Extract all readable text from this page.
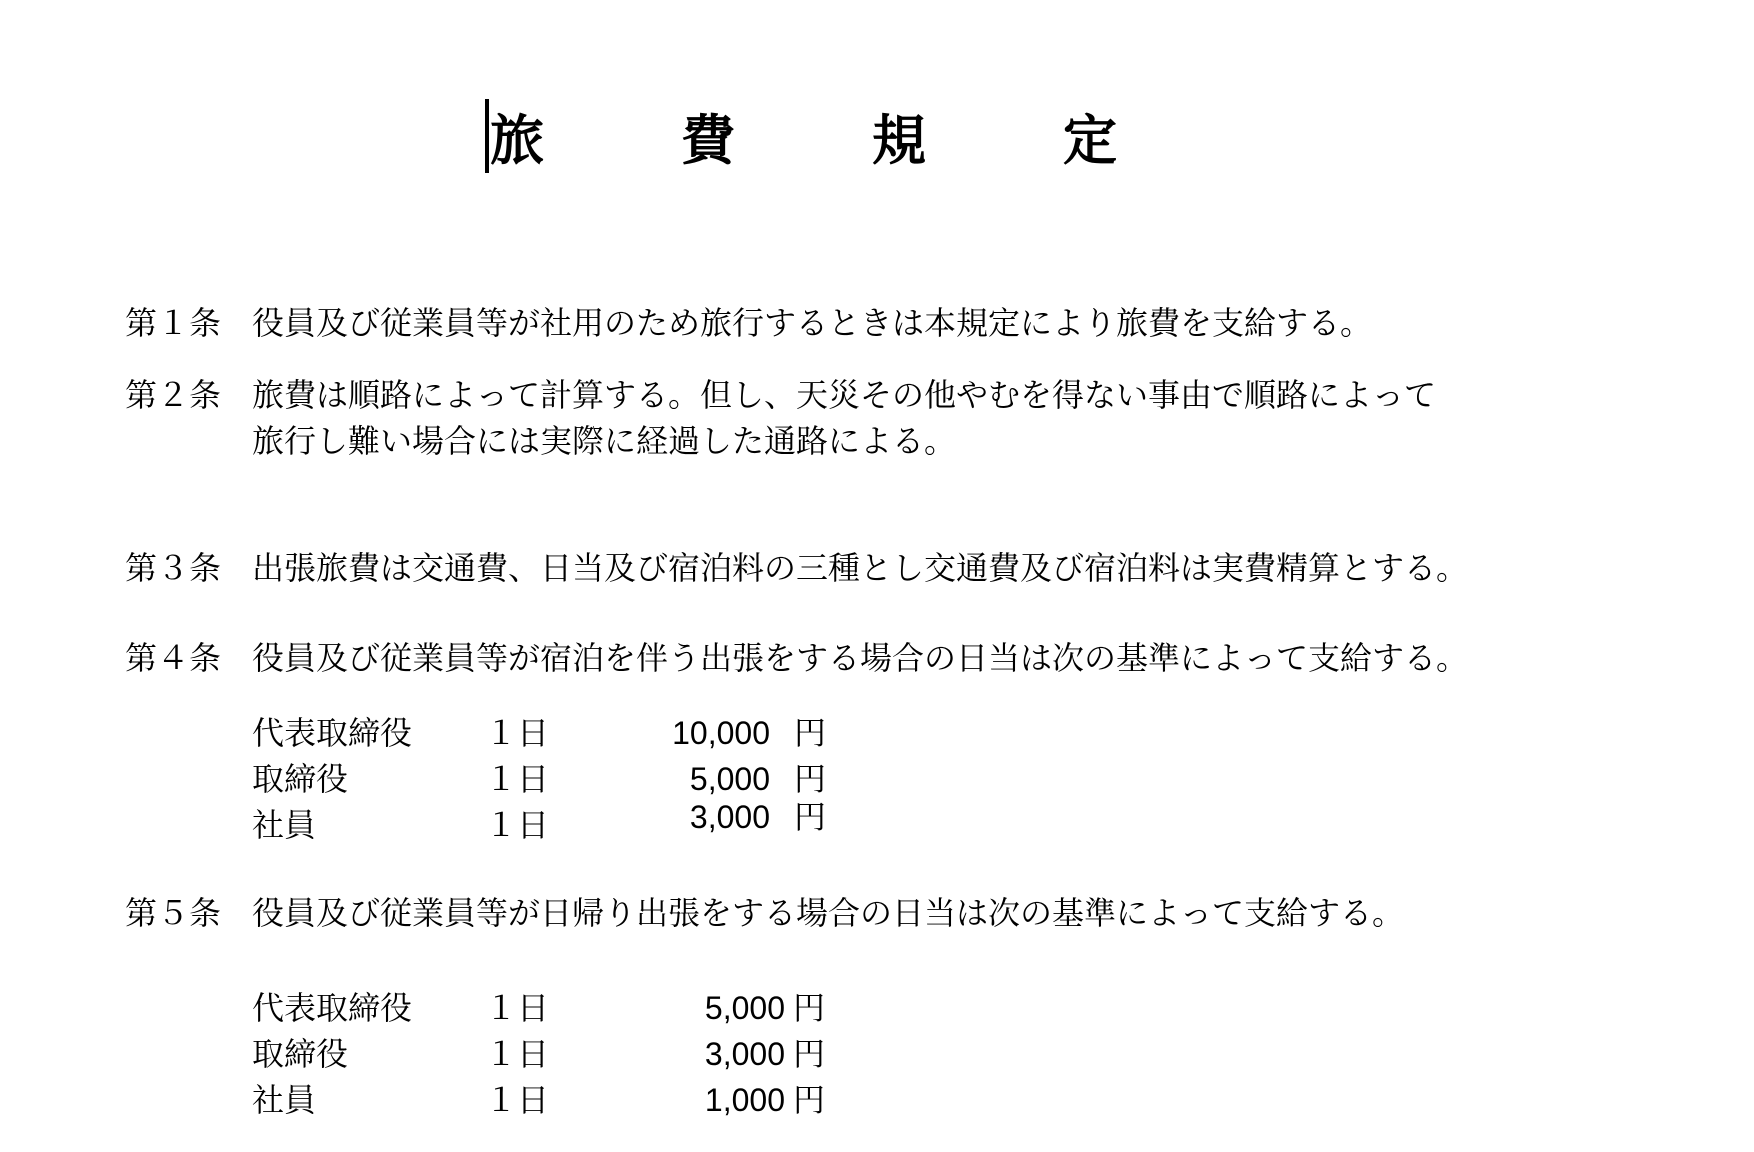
旅	費	規	定
第１条 役員及び従業員等が社用のため旅行するときは本規定により旅費を支給する。
第２条 旅費は順路によって計算する。但し、天災その他やむを得ない事由で順路によって
旅行し難い場合には実際に経過した通路による。
第３条 出張旅費は交通費、日当及び宿泊料の三種とし交通費及び宿泊料は実費精算とする。
第４条 役員及び従業員等が宿泊を伴う出張をする場合の日当は次の基準によって支給する。
代表取締役	１日	10,000 円
取締役	１日	5,000 円
社員	１日	3,000 円
第５条 役員及び従業員等が日帰り出張をする場合の日当は次の基準によって支給する。
代表取締役	１日	5,000 円
取締役	１日	3,000 円
社員	１日	1,000 円
